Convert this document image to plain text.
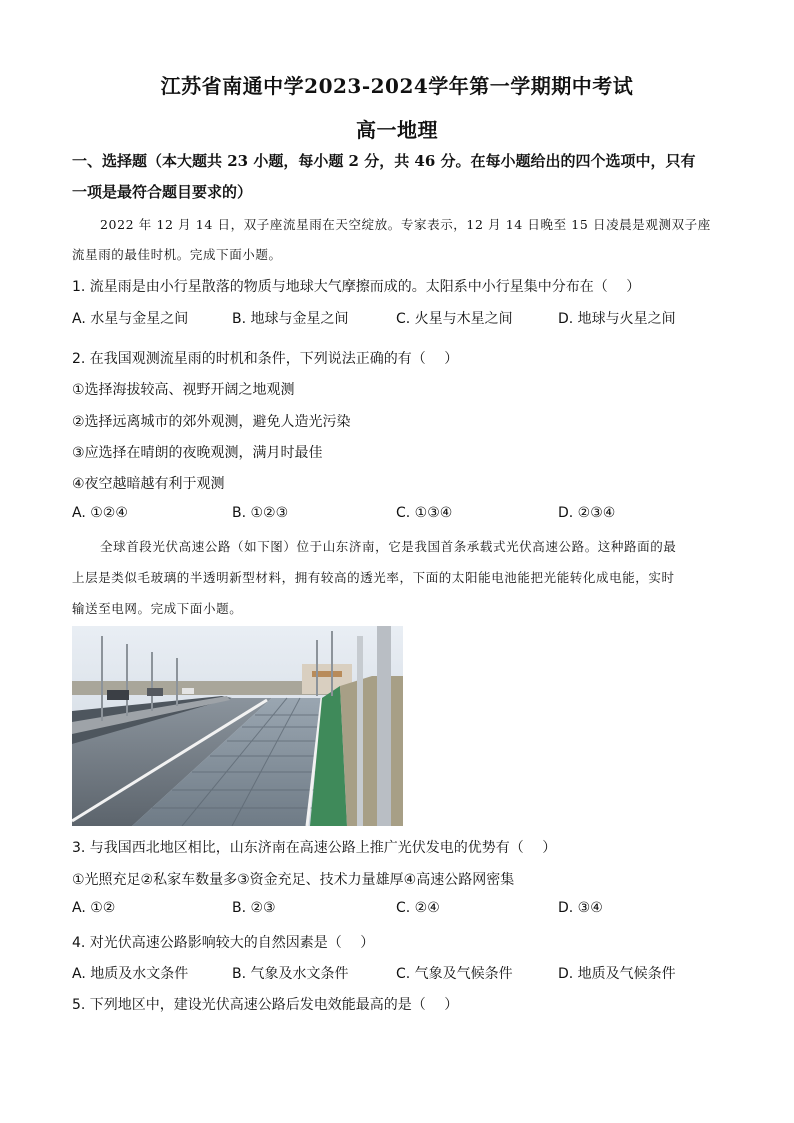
江苏省南通中学2023-2024学年第一学期期中考试
高一地理
一、选择题（本大题共 23 小题，每小题 2 分，共 46 分。在每小题给出的四个选项中，只有
一项是最符合题目要求的）
2022 年 12 月 14 日，双子座流星雨在天空绽放。专家表示，12 月 14 日晚至 15 日凌晨是观测双子座
流星雨的最佳时机。完成下面小题。
1. 流星雨是由小行星散落的物质与地球大气摩擦而成的。太阳系中小行星集中分布在（　 ）
A. 水星与金星之间	B. 地球与金星之间	C. 火星与木星之间	D. 地球与火星之间
2. 在我国观测流星雨的时机和条件，下列说法正确的有（　 ）
①选择海拔较高、视野开阔之地观测
②选择远离城市的郊外观测，避免人造光污染
③应选择在晴朗的夜晚观测，满月时最佳
④夜空越暗越有利于观测
A. ①②④	B. ①②③	C. ①③④	D. ②③④
全球首段光伏高速公路（如下图）位于山东济南，它是我国首条承载式光伏高速公路。这种路面的最
上层是类似毛玻璃的半透明新型材料，拥有较高的透光率，下面的太阳能电池能把光能转化成电能，实时
输送至电网。完成下面小题。
3. 与我国西北地区相比，山东济南在高速公路上推广光伏发电的优势有（　 ）
①光照充足②私家车数量多③资金充足、技术力量雄厚④高速公路网密集
A. ①②	B. ②③	C. ②④	D. ③④
4. 对光伏高速公路影响较大的自然因素是（　 ）
A. 地质及水文条件	B. 气象及水文条件	C. 气象及气候条件	D. 地质及气候条件
5. 下列地区中，建设光伏高速公路后发电效能最高的是（　 ）
